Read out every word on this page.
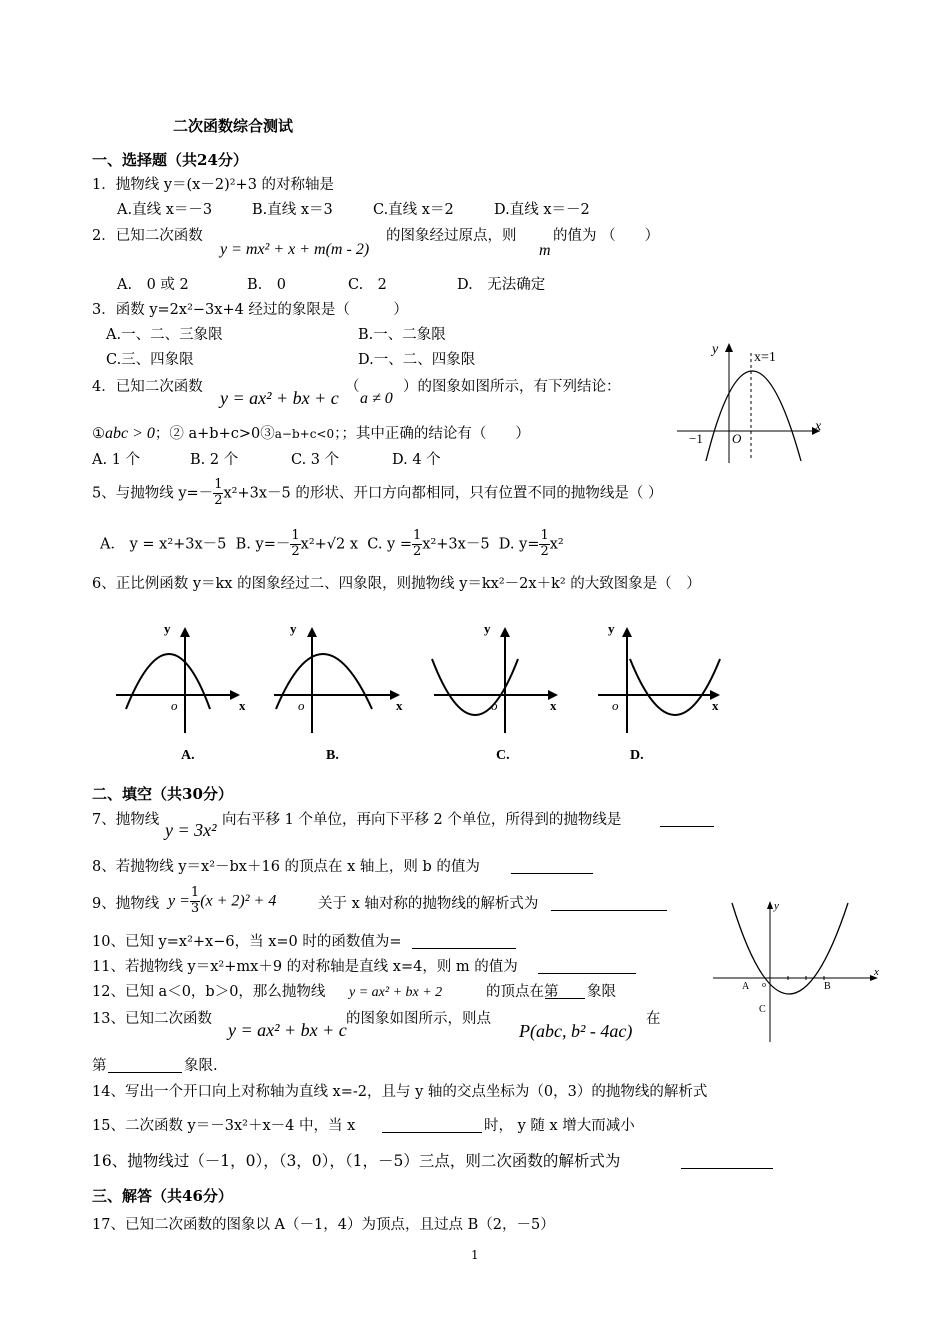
二次函数综合测试
一、选择题（共24分）
1．抛物线 y＝(x－2)²+3 的对称轴是
A.直线 x＝－3	B.直线 x＝3	C.直线 x＝2	D.直线 x＝－2
2．已知二次函数
y = mx² + x + m(m - 2)
的图象经过原点，则
m
的值为 （　　）
A.　0 或 2	B.　0	C.　2	D.　无法确定
3．函数 y=2x²−3x+4 经过的象限是（　　　）
A.一、二、三象限	B.一、二象限
C.三、四象限	D.一、二、四象限
4．已知二次函数
y = ax² + bx + c
（
a ≠ 0
）的图象如图所示，有下列结论：
①abc > 0；② a+b+c>0③a−b+c<0；；其中正确的结论有（　　）
A. 1 个	B. 2 个	C. 3 个	D. 4 个
y
x=1
x
−1 O
5、与抛物线 $y=- \frac{1}{2} x^2+3x-5$ 的形状、开口方向都相同，只有位置不同的抛物线是（ ）
A． y = x²+3x－5 B. $y=- \frac{1}{2} x^2+√2$ x C. $y = \frac{1}{2} x^2+3x-5$ D. $y= \frac{1}{2} x^2$
6、正比例函数 y＝kx 的图象经过二、四象限，则抛物线 y＝kx²－2x＋k² 的大致图象是（　）
y
x
o
A.
y
x
o
B.
y
x
o
C.
y
x
o
D.
二、填空（共30分）
7、抛物线 y = 3x² 向右平移 1 个单位，再向下平移 2 个单位，所得到的抛物线是
8、若抛物线 y＝x²－bx＋16 的顶点在 x 轴上，则 b 的值为
9、抛物线 $y = \frac{1}{3} (x + 2)^2 + 4$	关于 x 轴对称的抛物线的解析式为
10、已知 y=x²+x−6，当 x=0 时的函数值为=
11、若抛物线 y＝x²+mx＋9 的对称轴是直线 x=4，则 m 的值为
12、已知 a＜0，b＞0，那么抛物线 y = ax² + bx + 2	的顶点在第 象限
13、已知二次函数
y = ax² + bx + c
的图象如图所示，则点
P(abc, b² - 4ac)
在
第	象限.
y
x
A	B
C
o
14、写出一个开口向上对称轴为直线 x=-2，且与 y 轴的交点坐标为（0，3）的抛物线的解析式
15、二次函数 y＝－3x²＋x－4 中，当 x	时， y 随 x 增大而减小
16、抛物线过（－1，0），（3，0），（1，－5）三点，则二次函数的解析式为
三、解答（共46分）
17、已知二次函数的图象以 A（－1，4）为顶点，且过点 B（2，－5）
1
